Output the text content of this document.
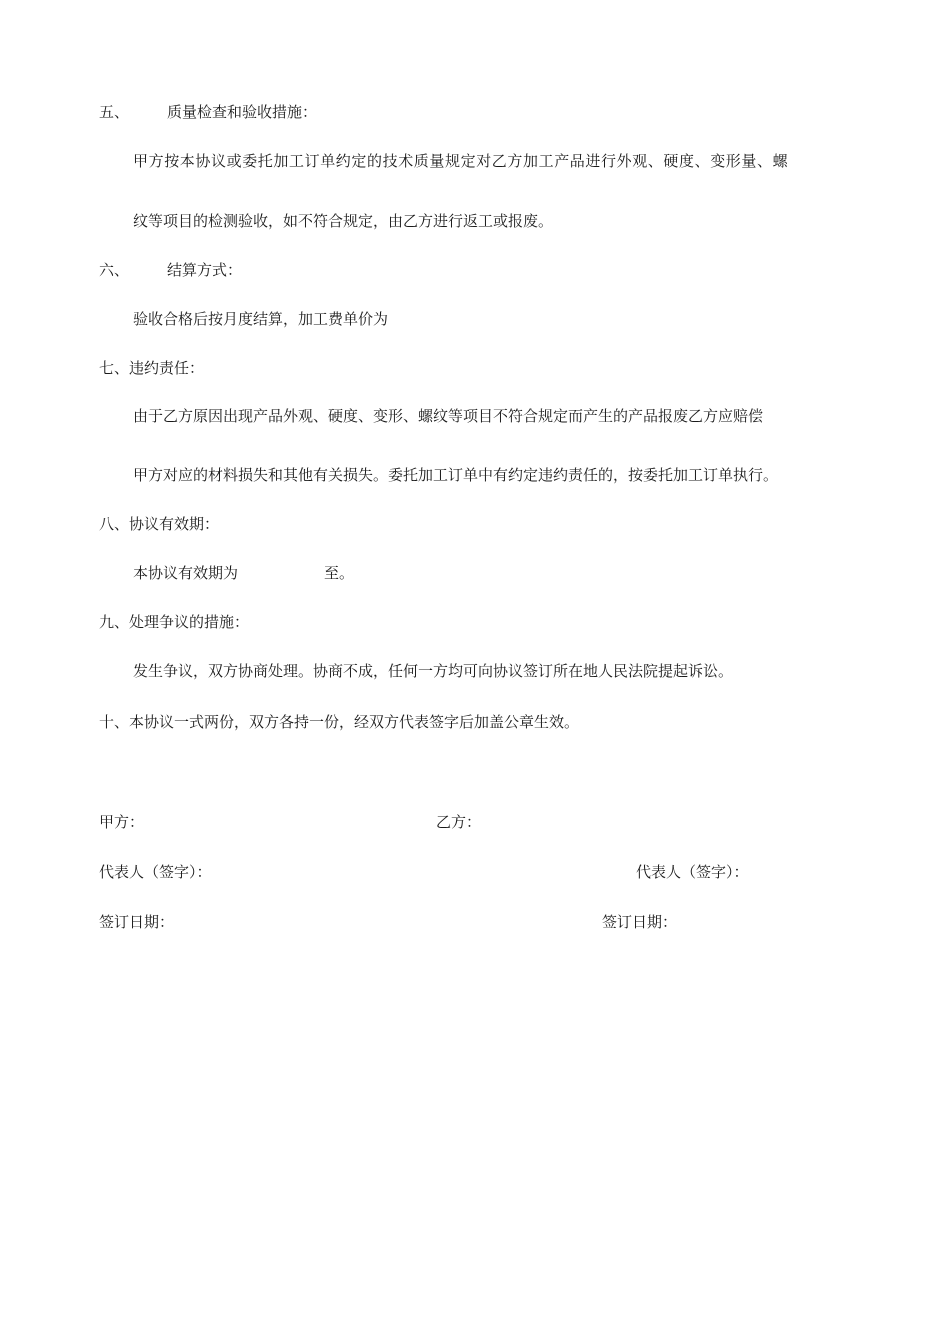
五、	质量检查和验收措施：
甲方按本协议或委托加工订单约定的技术质量规定对乙方加工产品进行外观、硬度、变形量、螺
纹等项目的检测验收，如不符合规定，由乙方进行返工或报废。
六、	结算方式：
验收合格后按月度结算，加工费单价为
七、违约责任：
由于乙方原因出现产品外观、硬度、变形、螺纹等项目不符合规定而产生的产品报废乙方应赔偿
甲方对应的材料损失和其他有关损失。委托加工订单中有约定违约责任的，按委托加工订单执行。
八、协议有效期：
本协议有效期为	至。
九、处理争议的措施：
发生争议，双方协商处理。协商不成，任何一方均可向协议签订所在地人民法院提起诉讼。
十、本协议一式两份，双方各持一份，经双方代表签字后加盖公章生效。
甲方：	乙方：
代表人（签字）：	代表人（签字）：
签订日期：	签订日期：
